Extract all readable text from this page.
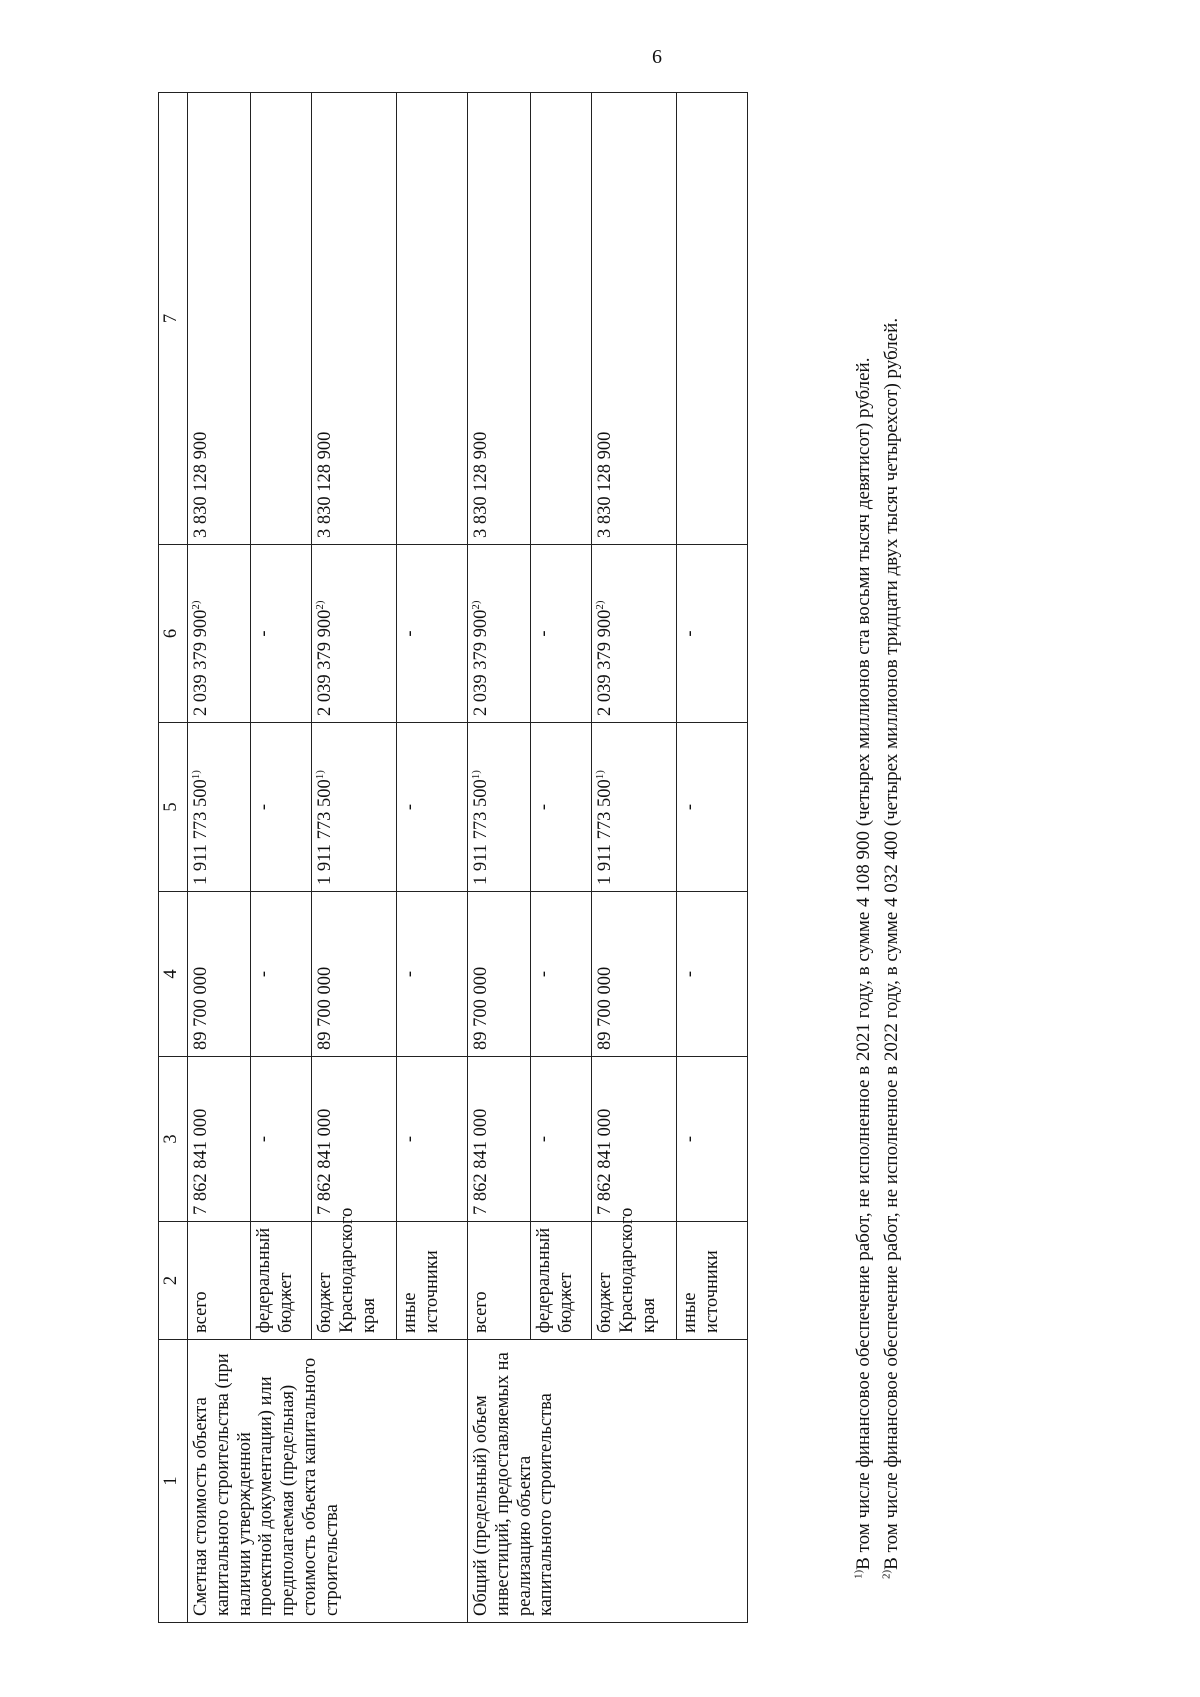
6
1	2	3	4	5	6	7
Сметная стоимость объекта капитального строительства (при наличии утвержденной проектной документации) или предполагаемая (предельная) стоимость объекта капитального строительства	всего	7 862 841 000	89 700 000	1 911 773 500$^{1)}$	2 039 379 900$^{2)}$	3 830 128 900
	федеральный бюджет	-	-	-	-	
	бюджет Краснодарского края	7 862 841 000	89 700 000	1 911 773 500$^{1)}$	2 039 379 900$^{2)}$	3 830 128 900
	иные источники	-	-	-	-	
Общий (предельный) объем инвестиций, предоставляемых на реализацию объекта капитального строительства	всего	7 862 841 000	89 700 000	1 911 773 500$^{1)}$	2 039 379 900$^{2)}$	3 830 128 900
	федеральный бюджет	-	-	-	-	
	бюджет Краснодарского края	7 862 841 000	89 700 000	1 911 773 500$^{1)}$	2 039 379 900$^{2)}$	3 830 128 900
	иные источники	-	-	-	-	

$^{1)}$В том числе финансовое обеспечение работ, не исполненное в 2021 году, в сумме 4 108 900 (четырех миллионов ста восьми тысяч девятисот) рублей.

$^{2)}$В том числе финансовое обеспечение работ, не исполненное в 2022 году, в сумме 4 032 400 (четырех миллионов тридцати двух тысяч четырехсот) рублей.
